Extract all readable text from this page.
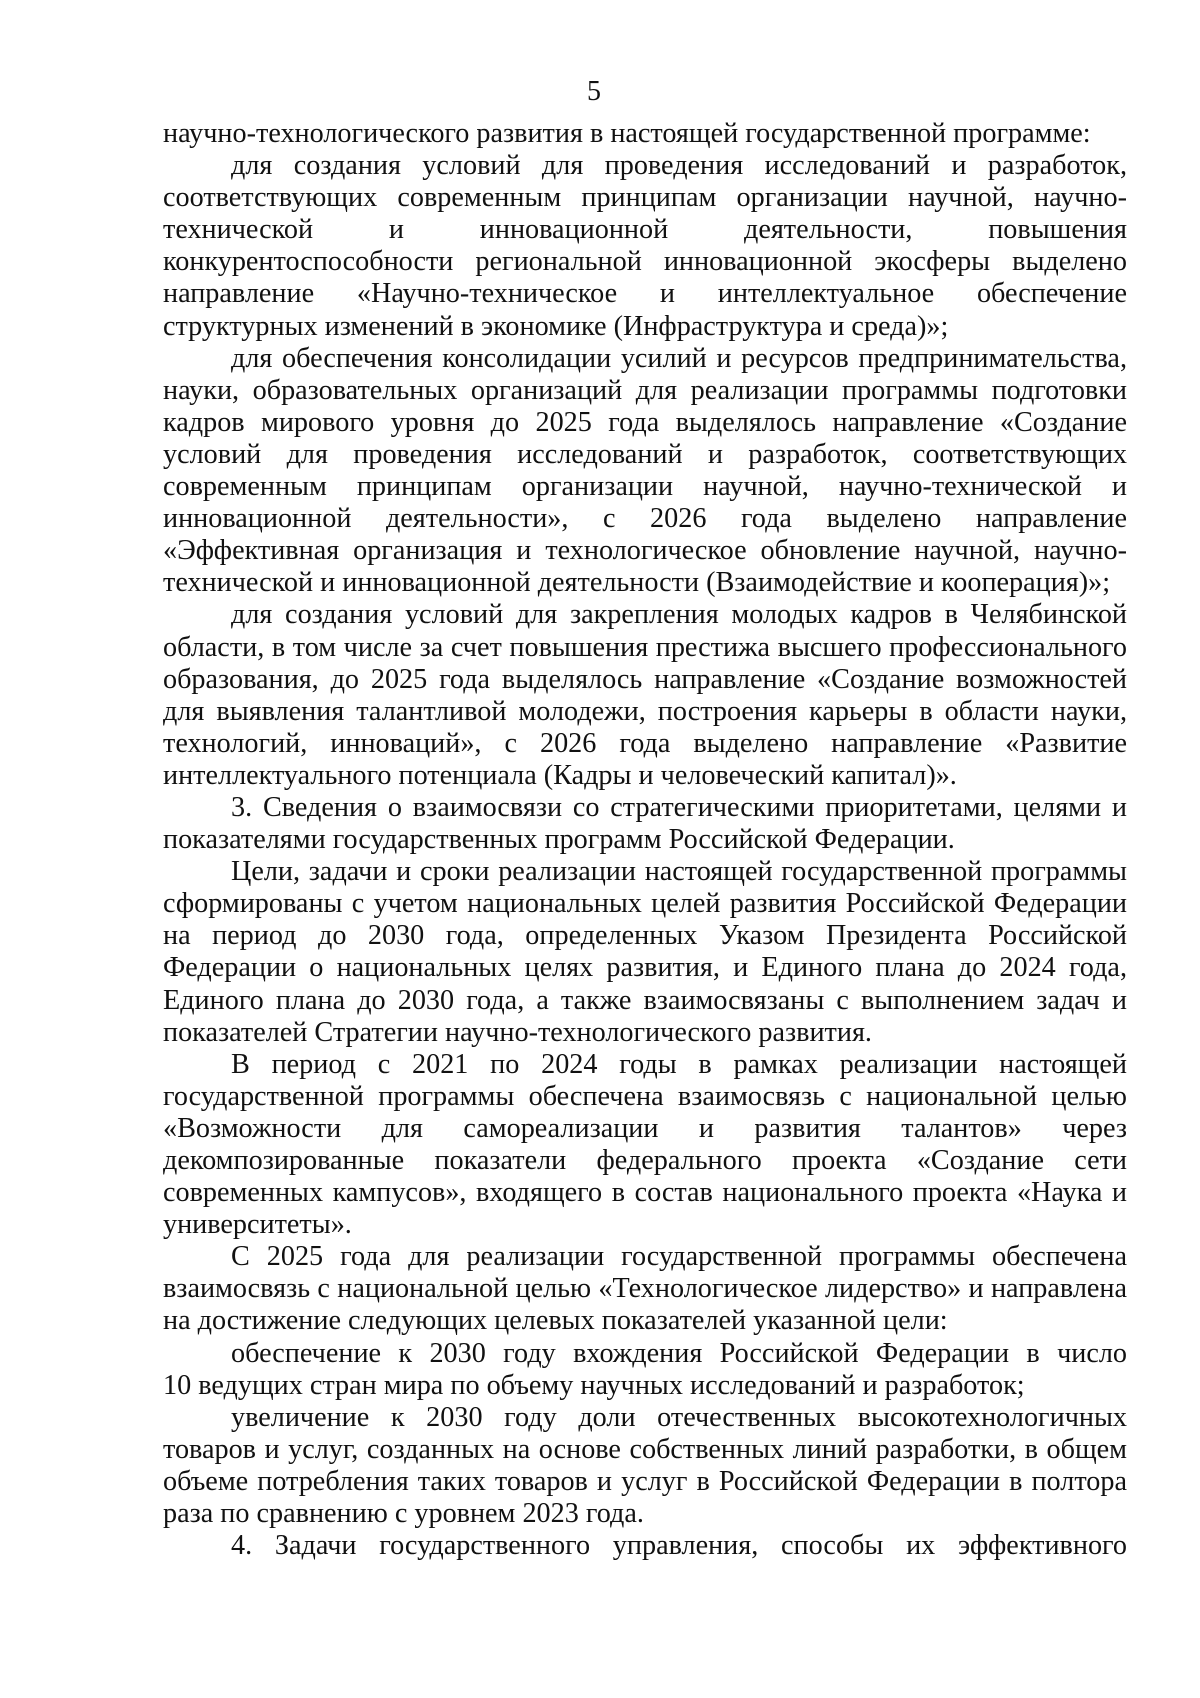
5
научно-технологического развития в настоящей государственной программе:
для создания условий для проведения исследований и разработок,
соответствующих современным принципам организации научной, научно-
технической и инновационной деятельности, повышения
конкурентоспособности региональной инновационной экосферы выделено
направление «Научно-техническое и интеллектуальное обеспечение
структурных изменений в экономике (Инфраструктура и среда)»;
для обеспечения консолидации усилий и ресурсов предпринимательства,
науки, образовательных организаций для реализации программы подготовки
кадров мирового уровня до 2025 года выделялось направление «Создание
условий для проведения исследований и разработок, соответствующих
современным принципам организации научной, научно-технической и
инновационной деятельности», с 2026 года выделено направление
«Эффективная организация и технологическое обновление научной, научно-
технической и инновационной деятельности (Взаимодействие и кооперация)»;
для создания условий для закрепления молодых кадров в Челябинской
области, в том числе за счет повышения престижа высшего профессионального
образования, до 2025 года выделялось направление «Создание возможностей
для выявления талантливой молодежи, построения карьеры в области науки,
технологий, инноваций», с 2026 года выделено направление «Развитие
интеллектуального потенциала (Кадры и человеческий капитал)».
3. Сведения о взаимосвязи со стратегическими приоритетами, целями и
показателями государственных программ Российской Федерации.
Цели, задачи и сроки реализации настоящей государственной программы
сформированы с учетом национальных целей развития Российской Федерации
на период до 2030 года, определенных Указом Президента Российской
Федерации о национальных целях развития, и Единого плана до 2024 года,
Единого плана до 2030 года, а также взаимосвязаны с выполнением задач и
показателей Стратегии научно-технологического развития.
В период с 2021 по 2024 годы в рамках реализации настоящей
государственной программы обеспечена взаимосвязь с национальной целью
«Возможности для самореализации и развития талантов» через
декомпозированные показатели федерального проекта «Создание сети
современных кампусов», входящего в состав национального проекта «Наука и
университеты».
С 2025 года для реализации государственной программы обеспечена
взаимосвязь с национальной целью «Технологическое лидерство» и направлена
на достижение следующих целевых показателей указанной цели:
обеспечение к 2030 году вхождения Российской Федерации в число
10 ведущих стран мира по объему научных исследований и разработок;
увеличение к 2030 году доли отечественных высокотехнологичных
товаров и услуг, созданных на основе собственных линий разработки, в общем
объеме потребления таких товаров и услуг в Российской Федерации в полтора
раза по сравнению с уровнем 2023 года.
4. Задачи государственного управления, способы их эффективного
